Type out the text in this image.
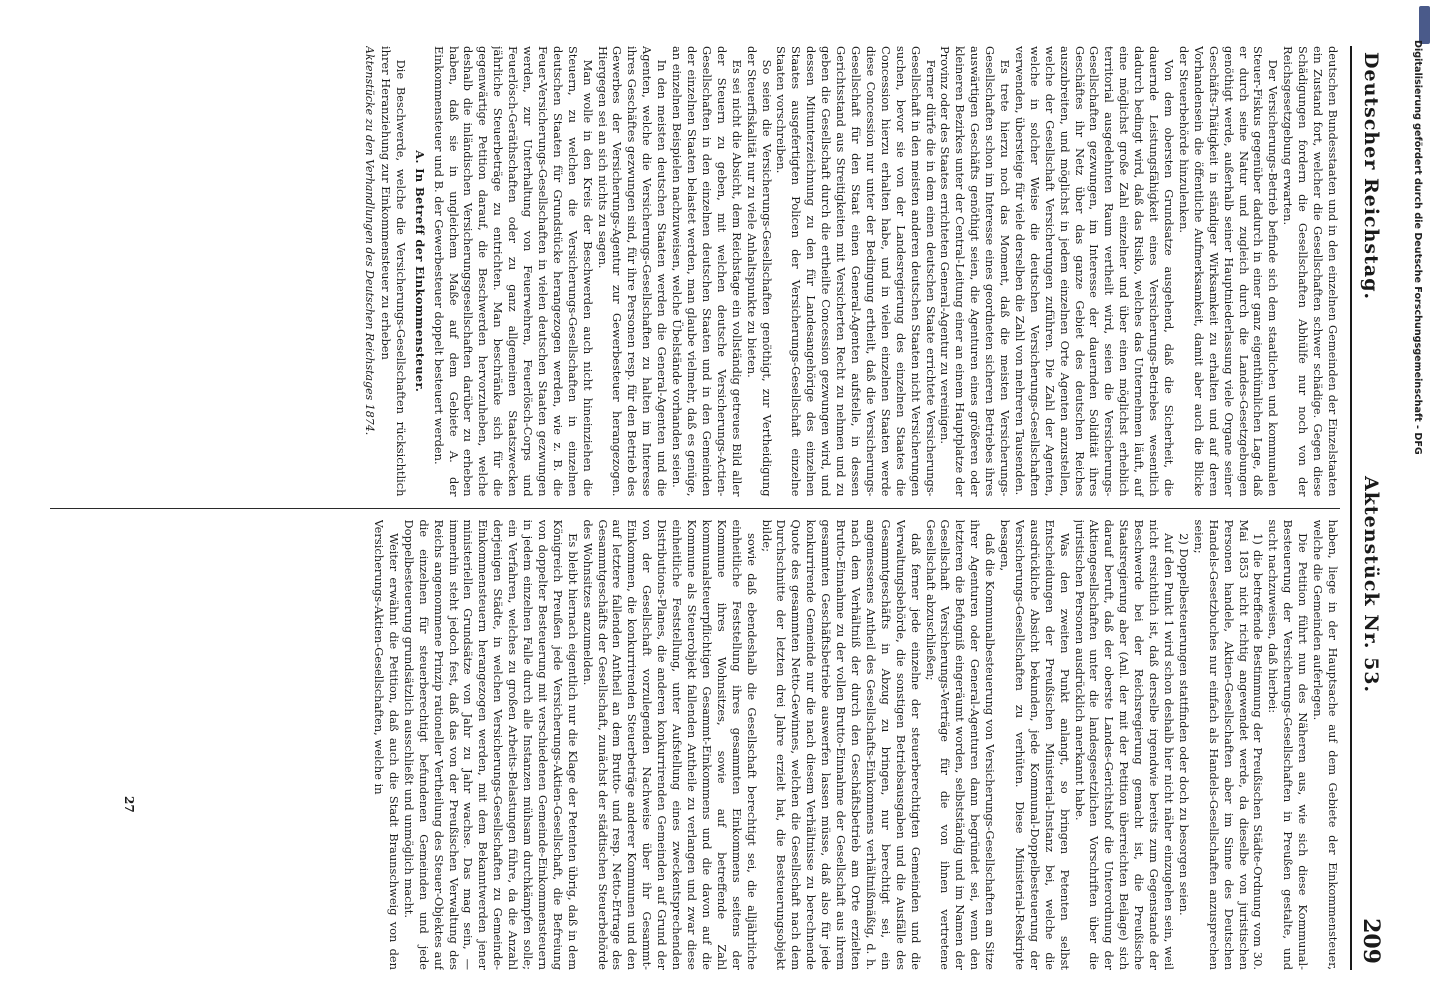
Deutscher Reichstag.
Aktenstück Nr. 53.
209

deutschen Bundesstaaten und in den einzelnen Gemeinden der Einzelstaaten ein Zustand fort, welcher die Gesellschaften schwer schädige. Gegen diese Schädigungen fordern die Gesellschaften Abhülfe nur noch von der Reichsgesetzgebung erwarten.

Der Versicherungs-Betrieb befinde sich dem staatlichen und kommunalen Steuer-Fiskus gegenüber dadurch in einer ganz eigenthümlichen Lage, daß er durch seine Natur und zugleich durch die Landes-Gesetzgebungen genöthigt werde, außerhalb seiner Hauptniederlassung viele Organe seiner Geschäfts-Thätigkeit in ständiger Wirksamkeit zu erhalten und auf deren Vorhandensein die öffentliche Aufmerksamkeit, damit aber auch die Blicke der Steuerbehörde hinzulenken.

Von dem obersten Grundsatze ausgehend, daß die Sicherheit, die dauernde Leistungsfähigkeit eines Versicherungs-Betriebes wesentlich dadurch bedingt wird, daß das Risiko, welches das Unternehmen läuft, auf eine möglichst große Zahl einzelner und über einen möglichst erheblich territorial ausgedehnten Raum vertheilt wird, seien die Versicherungs-Gesellschaften gezwungen, im Interesse der dauernden Solidität ihres Geschäftes ihr Netz über das ganze Gebiet des deutschen Reiches auszubreiten, und möglichst in jedem einzelnen Orte Agenten anzustellen, welche der Gesellschaft Versicherungen zuführen. Die Zahl der Agenten, welche in solcher Weise die deutschen Versicherungs-Gesellschaften verwenden, übersteige für viele derselben die Zahl von mehreren Tausenden.

Es trete hierzu noch das Moment, daß die meisten Versicherungs-Gesellschaften schon im Interesse eines geordneten sicheren Betriebes ihres auswärtigen Geschäfts genöthigt seien, die Agenturen eines größeren oder kleineren Bezirkes unter der Central-Leitung einer an einem Hauptplatze der Provinz oder des Staates errichteten General-Agentur zu vereinigen.

Ferner dürfe die in dem einen deutschen Staate errichtete Versicherungs-Gesellschaft in den meisten anderen deutschen Staaten nicht Versicherungen suchen, bevor sie von der Landesregierung des einzelnen Staates die Concession hierzu erhalten habe, und in vielen einzelnen Staaten werde diese Concession nur unter der Bedingung ertheilt, daß die Versicherungs-Gesellschaft für den Staat einen General-Agenten aufstelle, in dessen Gerichtsstand aus Streitigkeiten mit Versicherten Recht zu nehmen und zu geben die Gesellschaft durch die ertheilte Concession gezwungen wird, und dessen Mitunterzeichnung zu den für Landesangehörige des einzelnen Staates ausgefertigten Policen der Versicherungs-Gesellschaft einzelne Staaten vorschreiben.

So seien die Versicherungs-Gesellschaften genöthigt, zur Vertheidigung der Steuerfiskalität nur zu viele Anhaltspunkte zu bieten.

Es sei nicht die Absicht, dem Reichstage ein vollständig getreues Bild aller der Steuern zu geben, mit welchen deutsche Versicherungs-Actien-Gesellschaften in den einzelnen deutschen Staaten und in den Gemeinden der einzelnen Staaten belastet werden, man glaube vielmehr, daß es genüge, an einzelnen Beispielen nachzuweisen, welche Übelstände vorhanden seien.

In den meisten deutschen Staaten werden die General-Agenten und die Agenten, welche die Versicherungs-Gesellschaften zu halten im Interesse ihres Geschäftes gezwungen sind, für ihre Personen resp. für den Betrieb des Gewerbes der Versicherungs-Agentur zur Gewerbesteuer herangezogen. Hiergegen sei an sich nichts zu sagen.

Man wolle in den Kreis der Beschwerden auch nicht hineinziehen die Steuern, zu welchen die Versicherungs-Gesellschaften in einzelnen deutschen Staaten für Grundstücke herangezogen werden, wie z. B. die Feuer-Versicherungs-Gesellschaften in vielen deutschen Staaten gezwungen werden, zur Unterhaltung von Feuerwehren, Feuerlösch-Corps und Feuerlösch-Geräthschaften oder zu ganz allgemeinen Staatszwecken jährliche Steuerbeträge zu entrichten. Man beschränke sich für die gegenwärtige Petition darauf, die Beschwerden hervorzuheben, welche deshalb die inländischen Versicherungsgesellschaften darüber zu erheben haben, daß sie in ungleichem Maße auf dem Gebiete A. der Einkommensteuer und B. der Gewerbesteuer doppelt besteuert werden.

A. In Betreff der Einkommensteuer.

Die Beschwerde, welche die Versicherungs-Gesellschaften rücksichtlich ihrer Heranziehung zur Einkommensteuer zu erheben

Aktenstücke zu den Verhandlungen des Deutschen Reichstages 1874.

haben, liege in der Hauptsache auf dem Gebiete der Einkommensteuer, welche die Gemeinden auferlegen.

Die Petition führt nun des Näheren aus, wie sich diese Kommunal-Besteuerung der Versicherungs-Gesellschaften in Preußen gestalte, und sucht nachzuweisen, daß hierbei:

1) die betreffende Bestimmung der Preußischen Städte-Ordnung vom 30. Mai 1853 nicht richtig angewendet werde, da dieselbe von juristischen Personen handele, Aktien-Gesellschaften aber im Sinne des Deutschen Handels-Gesetzbuches nur einfach als Handels-Gesellschaften anzusprechen seien;

2) Doppelbesteuerungen stattfinden oder doch zu besorgen seien.

Auf den Punkt 1 wird schon deshalb hier nicht näher einzugehen sein, weil nicht ersichtlich ist, daß derselbe irgendwie bereits zum Gegenstande der Beschwerde bei der Reichsregierung gemacht ist, die Preußische Staatsregierung aber (Anl. der mit der Petition überreichten Beilage) sich darauf beruft, daß der oberste Landes-Gerichtshof die Unterordnung der Aktiengesellschaften unter die landesgesetzlichen Vorschriften über die juristischen Personen ausdrücklich anerkannt habe.

Was den zweiten Punkt anlangt, so bringen Petenten selbst Entscheidungen der Preußischen Ministerial-Instanz bei, welche die ausdrückliche Absicht bekunden, jede Kommunal-Doppelbesteuerung der Versicherungs-Gesellschaften zu verhüten. Diese Ministerial-Reskripte besagen,

daß die Kommunalbesteuerung von Versicherungs-Gesellschaften am Sitze ihrer Agenturen oder General-Agenturen dann begründet sei, wenn den letzteren die Befugniß eingeräumt worden, selbstständig und im Namen der Gesellschaft Versicherungs-Verträge für die von ihnen vertretene Gesellschaft abzuschließen;

daß ferner jede einzelne der steuerberechtigten Gemeinden und die Verwaltungsbehörde, die sonstigen Betriebsausgaben und die Ausfälle des Gesammtgeschäfts in Abzug zu bringen, nur berechtigt sei, ein angemessenes Antheil des Gesellschafts-Einkommens verhältnißmäßig, d. h. nach dem Verhältniß der durch den Geschäftsbetrieb am Orte erzielten Brutto-Einnahme zu der vollen Brutto-Einnahme der Gesellschaft aus ihrem gesammten Geschäftsbetriebe auswerfen lassen müsse, daß also für jede konkurrirende Gemeinde nur die nach diesem Verhältnisse zu berechnende Quote des gesammten Netto-Gewinnes, welchen die Gesellschaft nach dem Durchschnitte der letzten drei Jahre erzielt hat, die Besteuerungsobjekt bilde;

sowie daß ebendeshalb die Gesellschaft berechtigt sei, die alljährliche einheitliche Feststellung ihres gesammten Einkommens seitens der Kommune ihres Wohnsitzes, sowie auf betreffende Zahl kommunalsteuerpflichtigen Gesammt-Einkommens und die davon auf die Kommune als Steuerobjekt fallenden Antheile zu verlangen und zwar diese einheitliche Feststellung, unter Aufstellung eines zweckentsprechenden Distributions-Planes, die anderen konkurrirenden Gemeinden auf Grund der von der Gesellschaft vorzulegenden Nachweise über ihr Gesammt-Einkommen, die konkurrirenden Steuerbeträge anderer Kommunen und den auf letztere fallenden Antheil an dem Brutto- und resp. Netto-Ertrage des Gesammtgeschäfts der Gesellschaft, zunächst der städtischen Steuerbehörde des Wohnsitzes anzumelden.

Es bleibt hiernach eigentlich nur die Klage der Petenten übrig, daß in dem Königreich Preußen jede Versicherungs-Aktien-Gesellschaft, die Befreiung von doppelter Besteuerung mit verschiedenen Gemeinde-Einkommensteuern in jedem einzelnen Falle durch alle Instanzen mühsam durchkämpfen solle; ein Verfahren, welches zu großen Arbeits-Belastungen führe, da die Anzahl derjenigen Städte, in welchen Versicherungs-Gesellschaften zu Gemeinde-Einkommensteuern herangezogen werden, mit dem Bekanntwerden jener ministeriellen Grundsätze von Jahr zu Jahr wachse. Das mag sein, — immerhin steht jedoch fest, daß das von der Preußischen Verwaltung des Reichs angenommene Prinzip rationeller Vertheilung des Steuer-Objektes auf die einzelnen für steuerberechtigt befundenen Gemeinden und jede Doppelbesteuerung grundsätzlich ausschließt und unmöglich macht.

Weiter erwähnt die Petition, daß auch die Stadt Braunschweig von den Versicherungs-Aktien-Gesellschaften, welche in

27
Digitalisierung gefördert durch die Deutsche Forschungsgemeinschaft - DFG
